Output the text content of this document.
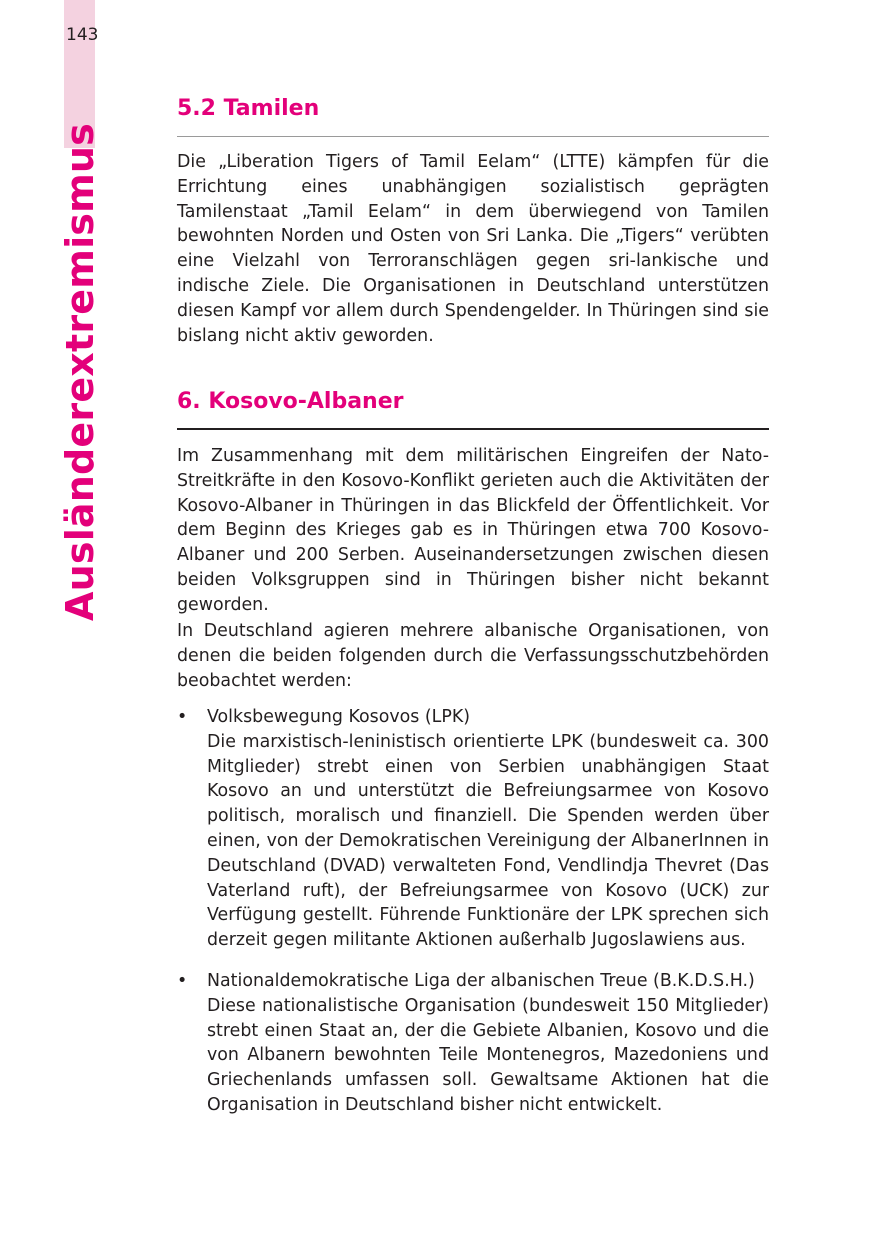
143
Ausländerextremismus
5.2 Tamilen

Die „Liberation Tigers of Tamil Eelam“ (LTTE) kämpfen für die Errichtung eines unabhängigen sozialistisch geprägten Tamilenstaat „Tamil Eelam“ in dem überwiegend von Tamilen bewohnten Norden und Osten von Sri Lanka. Die „Tigers“ verübten eine Vielzahl von Terroranschlägen gegen sri-lankische und indische Ziele. Die Organisationen in Deutschland unterstützen diesen Kampf vor allem durch Spendengelder. In Thüringen sind sie bislang nicht aktiv geworden.

6. Kosovo-Albaner

Im Zusammenhang mit dem militärischen Eingreifen der Nato-Streitkräfte in den Kosovo-Konflikt gerieten auch die Aktivitäten der Kosovo-Albaner in Thüringen in das Blickfeld der Öffentlichkeit. Vor dem Beginn des Krieges gab es in Thüringen etwa 700 Kosovo-Albaner und 200 Serben. Auseinandersetzungen zwischen diesen beiden Volksgruppen sind in Thüringen bisher nicht bekannt geworden.

In Deutschland agieren mehrere albanische Organisationen, von denen die beiden folgenden durch die Verfassungsschutzbehörden beobachtet werden:

• Volksbewegung Kosovos (LPK)
Die marxistisch-leninistisch orientierte LPK (bundesweit ca. 300 Mitglieder) strebt einen von Serbien unabhängigen Staat Kosovo an und unterstützt die Befreiungsarmee von Kosovo politisch, moralisch und finanziell. Die Spenden werden über einen, von der Demokratischen Vereinigung der AlbanerInnen in Deutschland (DVAD) verwalteten Fond, Vendlindja Thevret (Das Vaterland ruft), der Befreiungsarmee von Kosovo (UCK) zur Verfügung gestellt. Führende Funktionäre der LPK sprechen sich derzeit gegen militante Aktionen außerhalb Jugoslawiens aus.
• Nationaldemokratische Liga der albanischen Treue (B.K.D.S.H.)
Diese nationalistische Organisation (bundesweit 150 Mitglieder) strebt einen Staat an, der die Gebiete Albanien, Kosovo und die von Albanern bewohnten Teile Montenegros, Mazedoniens und Griechenlands umfassen soll. Gewaltsame Aktionen hat die Organisation in Deutschland bisher nicht entwickelt.
